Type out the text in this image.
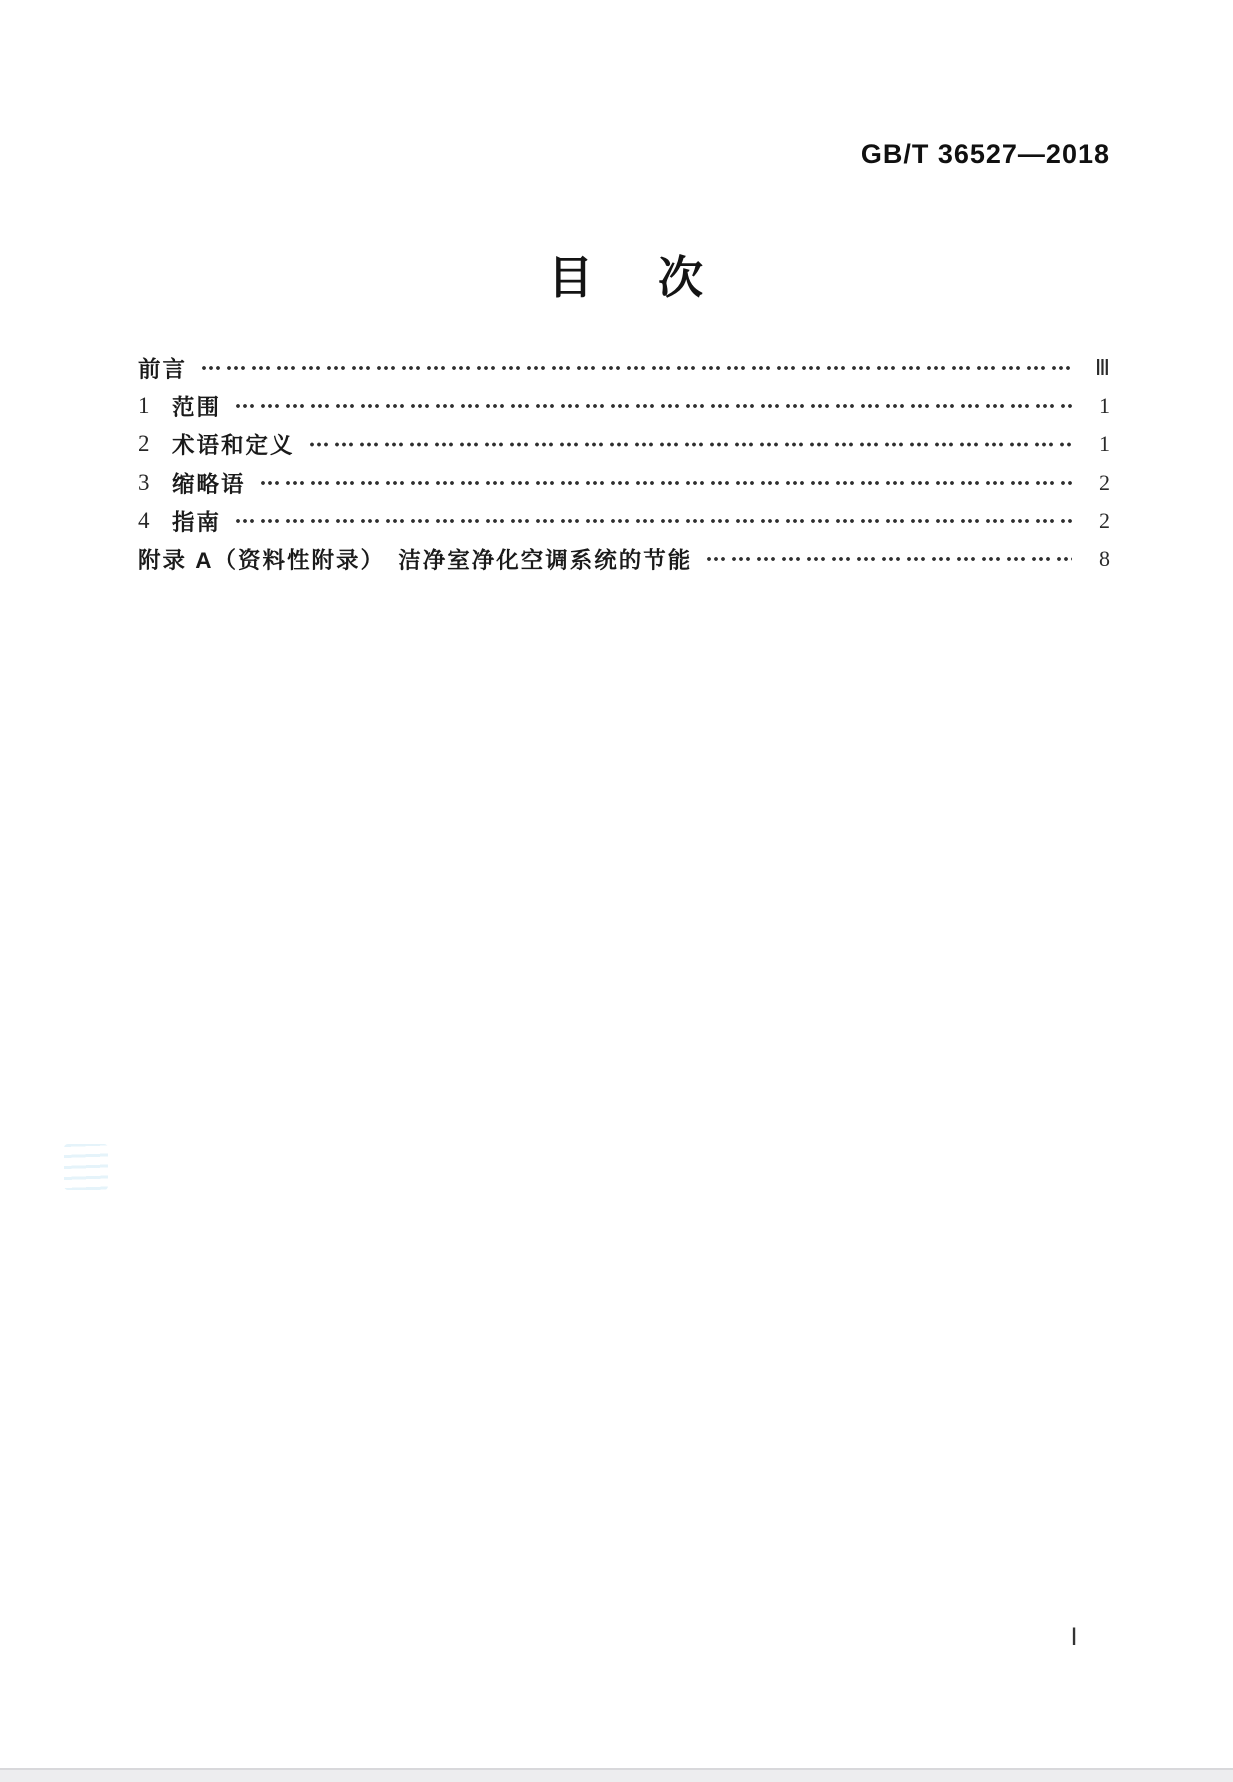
GB/T 36527—2018
目　次
前言	Ⅲ
1	范围	1
2	术语和定义	1
3	缩略语	2
4	指南	2
附录 A（资料性附录）　洁净室净化空调系统的节能	8
Ⅰ
